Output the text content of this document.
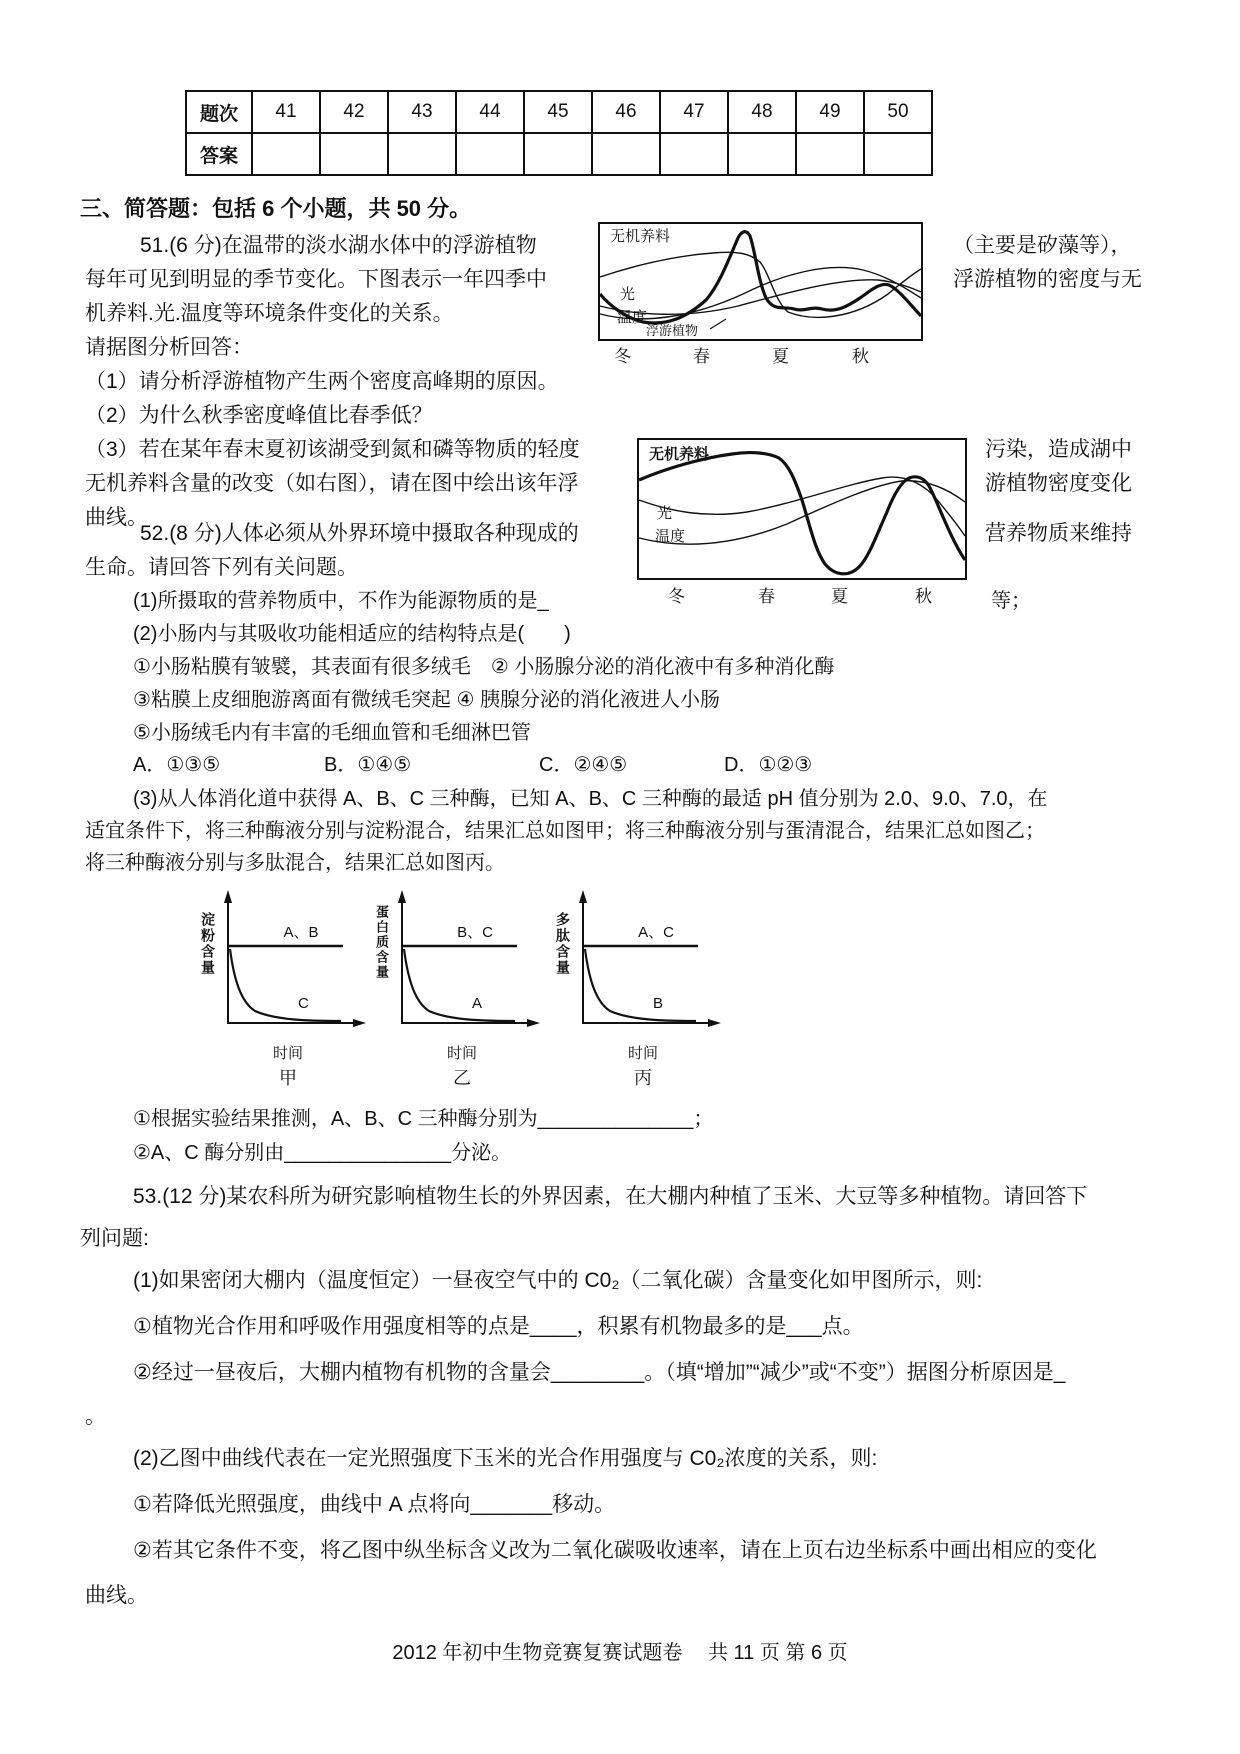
题次	41	42	43	44	45	46	47	48	49	50
答案										
三、简答题：包括 6 个小题，共 50 分。
51.(6 分)在温带的淡水湖水体中的浮游植物	（主要是矽藻等），
每年可见到明显的季节变化。下图表示一年四季中	浮游植物的密度与无
机养料.光.温度等环境条件变化的关系。
请据图分析回答：
（1）请分析浮游植物产生两个密度高峰期的原因。
（2）为什么秋季密度峰值比春季低？
（3）若在某年春末夏初该湖受到氮和磷等物质的轻度	污染，造成湖中
无机养料含量的改变（如右图），请在图中绘出该年浮	游植物密度变化
曲线。
无机养料
光
温度
浮游植物
冬	春	夏	秋
52.(8 分)人体必须从外界环境中摄取各种现成的	营养物质来维持
生命。请回答下列有关问题。
无机养料
光
温度
冬	春	夏	秋
(1)所摄取的营养物质中，不作为能源物质的是_	等；
(2)小肠内与其吸收功能相适应的结构特点是(　　)
①小肠粘膜有皱襞，其表面有很多绒毛　② 小肠腺分泌的消化液中有多种消化酶
③粘膜上皮细胞游离面有微绒毛突起 ④ 胰腺分泌的消化液进人小肠
⑤小肠绒毛内有丰富的毛细血管和毛细淋巴管
A．①③⑤	B．①④⑤	C．②④⑤	D．①②③
(3)从人体消化道中获得 A、B、C 三种酶，已知 A、B、C 三种酶的最适 pH 值分别为 2.0、9.0、7.0，在
适宜条件下，将三种酶液分别与淀粉混合，结果汇总如图甲；将三种酶液分别与蛋清混合，结果汇总如图乙；
将三种酶液分别与多肽混合，结果汇总如图丙。
A、B
C
时间
甲
淀粉含量	B、C
A
时间
乙
蛋白质含量	A、C
B
时间
丙
多肽含量
①根据实验结果推测，A、B、C 三种酶分别为______________；
②A、C 酶分别由_______________分泌。
53.(12 分)某农科所为研究影响植物生长的外界因素，在大棚内种植了玉米、大豆等多种植物。请回答下
列问题:
(1)如果密闭大棚内（温度恒定）一昼夜空气中的 C0₂（二氧化碳）含量变化如甲图所示，则:
①植物光合作用和呼吸作用强度相等的点是____，积累有机物最多的是___点。
②经过一昼夜后，大棚内植物有机物的含量会________。（填“增加”“减少”或“不变”）据图分析原因是_
。
(2)乙图中曲线代表在一定光照强度下玉米的光合作用强度与 C0₂浓度的关系，则:
①若降低光照强度，曲线中 A 点将向_______移动。
②若其它条件不变，将乙图中纵坐标含义改为二氧化碳吸收速率，请在上页右边坐标系中画出相应的变化
曲线。
2012 年初中生物竞赛复赛试题卷　 共 11 页 第 6 页
